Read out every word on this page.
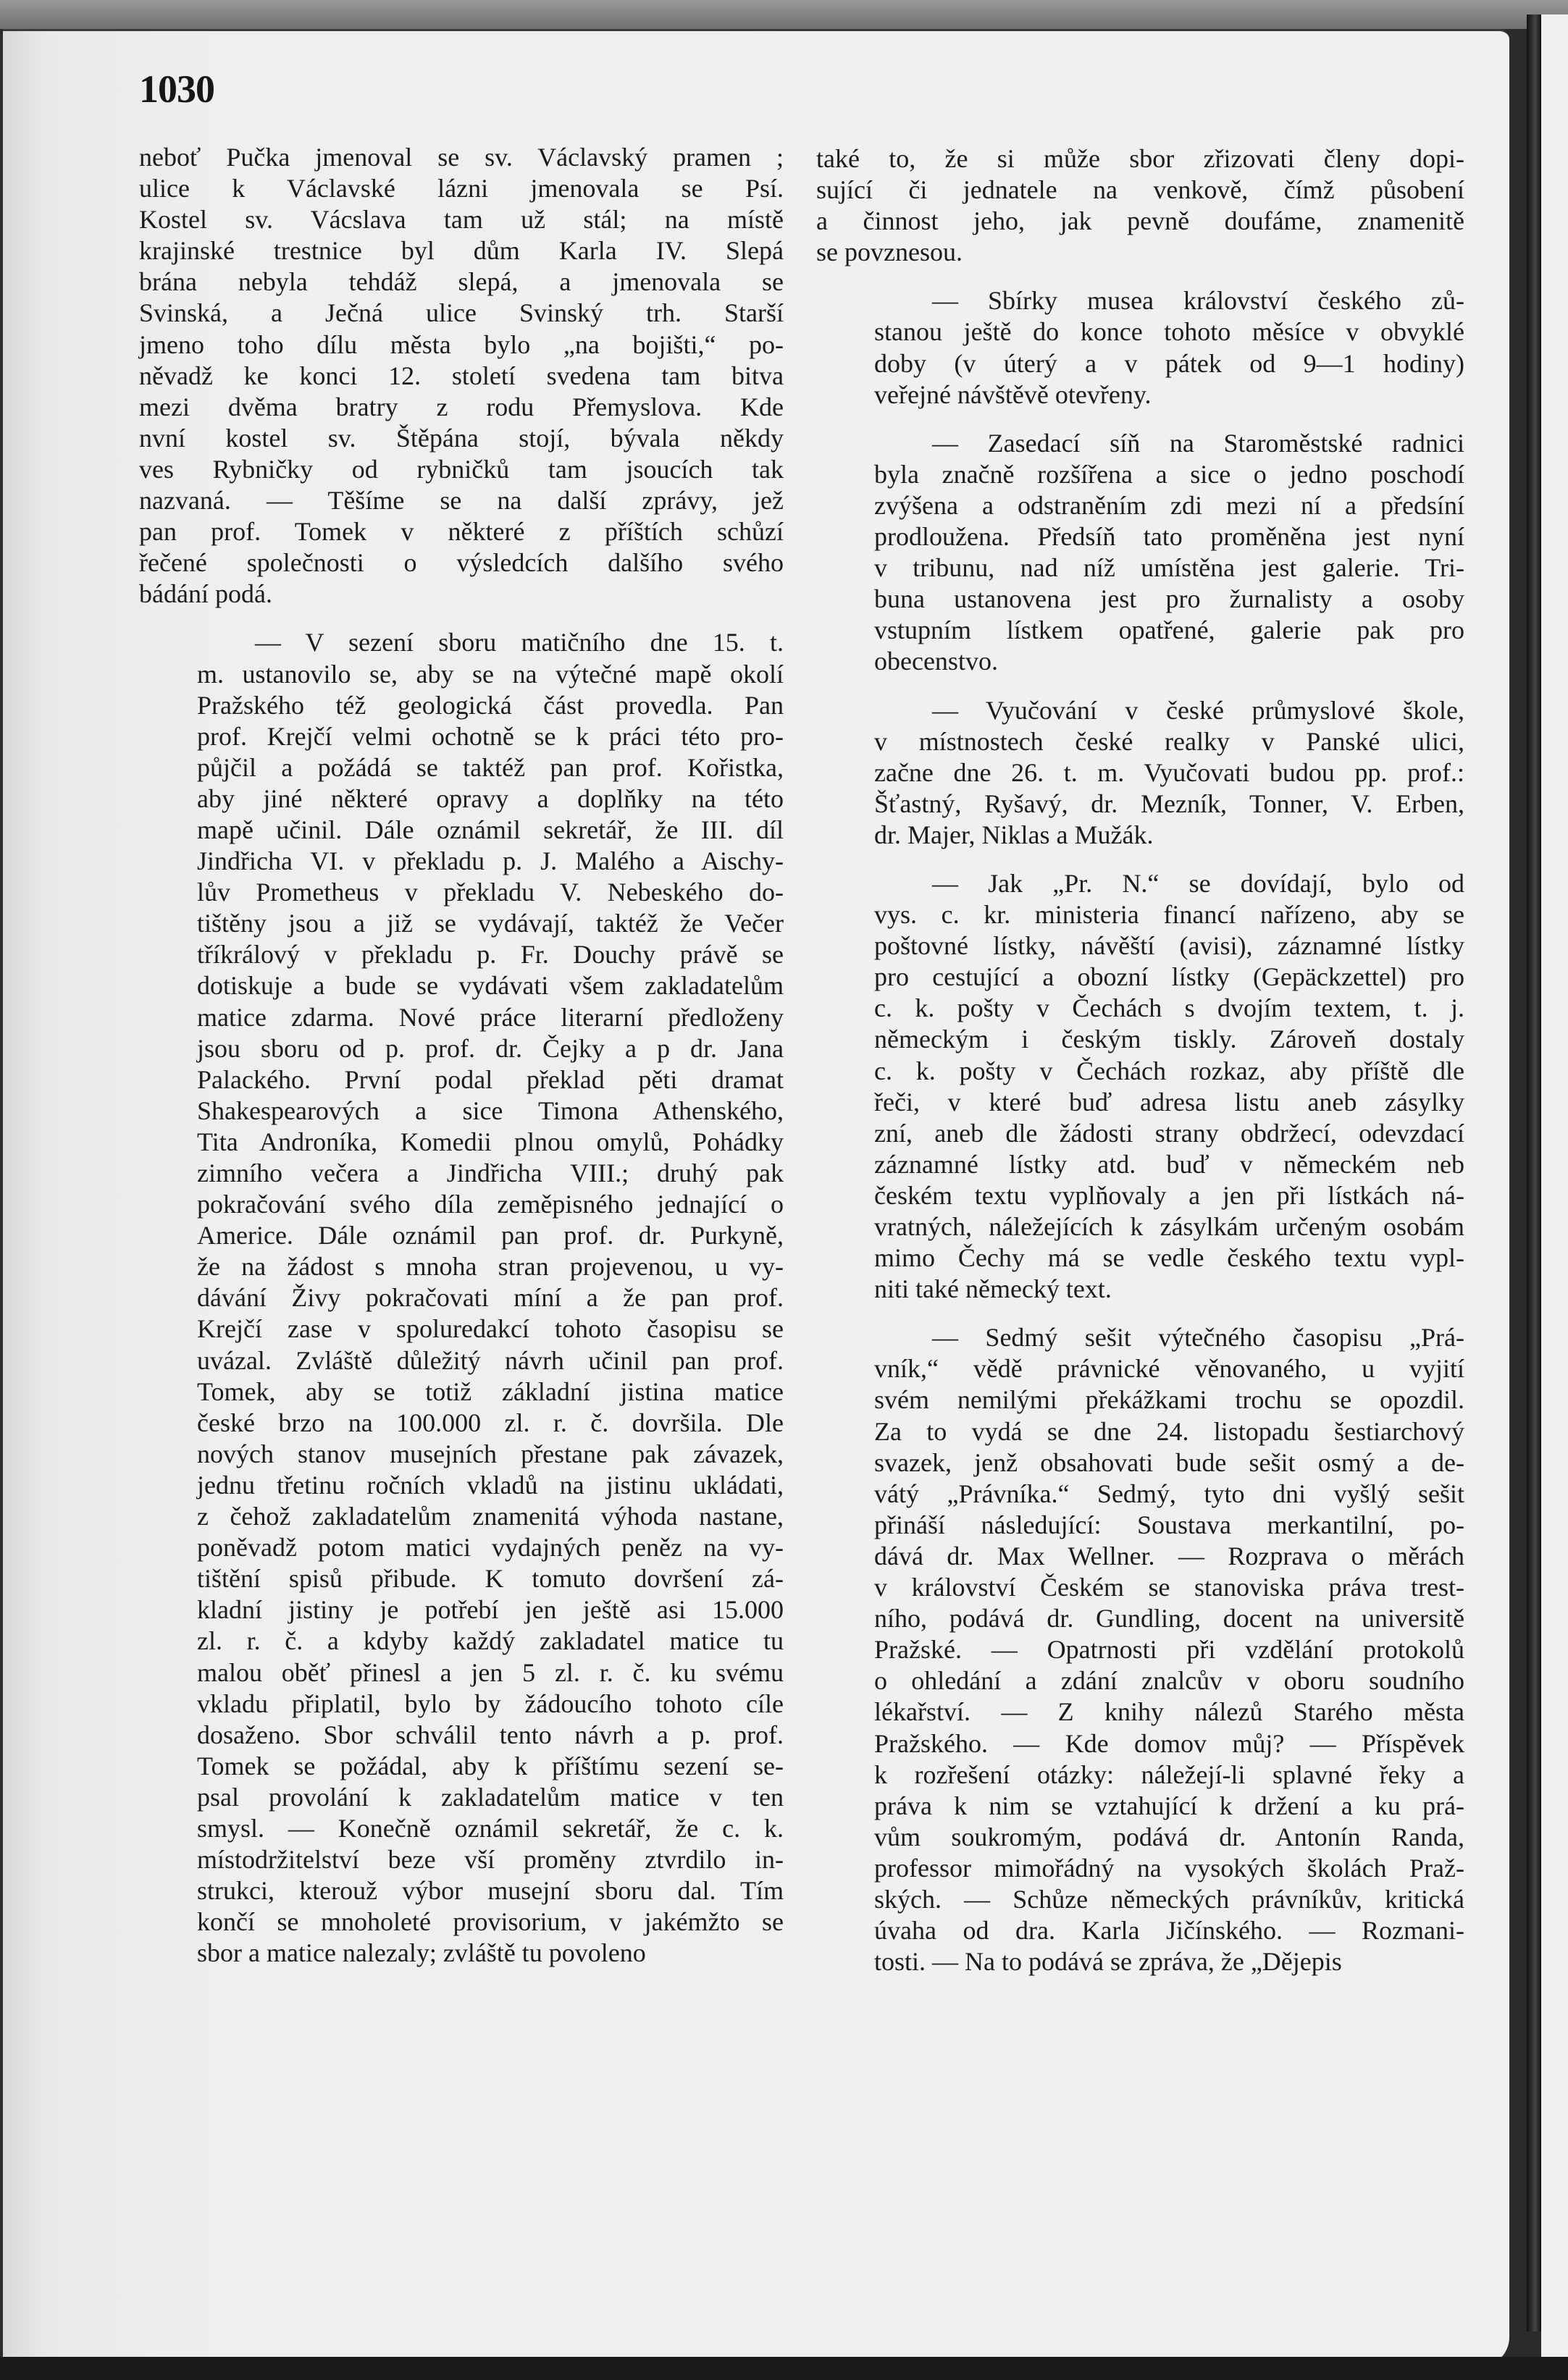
1030
neboť Pučka jmenoval se sv. Václavský pramen ;
ulice k Václavské lázni jmenovala se Psí.
Kostel sv. Vácslava tam už stál; na místě
krajinské trestnice byl dům Karla IV. Slepá
brána nebyla tehdáž slepá, a jmenovala se
Svinská, a Ječná ulice Svinský trh. Starší
jmeno toho dílu města bylo „na bojišti,“ po-
něvadž ke konci 12. století svedena tam bitva
mezi dvěma bratry z rodu Přemyslova. Kde
nvní kostel sv. Štěpána stojí, bývala někdy
ves Rybničky od rybničků tam jsoucích tak
nazvaná. — Těšíme se na další zprávy, jež
pan prof. Tomek v některé z příštích schůzí
řečené společnosti o výsledcích dalšího svého
bádání podá.
— V sezení sboru matičního dne 15. t.
m. ustanovilo se, aby se na výtečné mapě okolí
Pražského též geologická část provedla. Pan
prof. Krejčí velmi ochotně se k práci této pro-
půjčil a požádá se taktéž pan prof. Kořistka,
aby jiné některé opravy a doplňky na této
mapě učinil. Dále oznámil sekretář, že III. díl
Jindřicha VI. v překladu p. J. Malého a Aischy-
lův Prometheus v překladu V. Nebeského do-
tištěny jsou a již se vydávají, taktéž že Večer
tříkrálový v překladu p. Fr. Douchy právě se
dotiskuje a bude se vydávati všem zakladatelům
matice zdarma. Nové práce literarní předloženy
jsou sboru od p. prof. dr. Čejky a p dr. Jana
Palackého. První podal překlad pěti dramat
Shakespearových a sice Timona Athenského,
Tita Androníka, Komedii plnou omylů, Pohádky
zimního večera a Jindřicha VIII.; druhý pak
pokračování svého díla zeměpisného jednající o
Americe. Dále oznámil pan prof. dr. Purkyně,
že na žádost s mnoha stran projevenou, u vy-
dávání Živy pokračovati míní a že pan prof.
Krejčí zase v spoluredakcí tohoto časopisu se
uvázal. Zvláště důležitý návrh učinil pan prof.
Tomek, aby se totiž základní jistina matice
české brzo na 100.000 zl. r. č. dovršila. Dle
nových stanov musejních přestane pak závazek,
jednu třetinu ročních vkladů na jistinu ukládati,
z čehož zakladatelům znamenitá výhoda nastane,
poněvadž potom matici vydajných peněz na vy-
tištění spisů přibude. K tomuto dovršení zá-
kladní jistiny je potřebí jen ještě asi 15.000
zl. r. č. a kdyby každý zakladatel matice tu
malou oběť přinesl a jen 5 zl. r. č. ku svému
vkladu připlatil, bylo by žádoucího tohoto cíle
dosaženo. Sbor schválil tento návrh a p. prof.
Tomek se požádal, aby k příštímu sezení se-
psal provolání k zakladatelům matice v ten
smysl. — Konečně oznámil sekretář, že c. k.
místodržitelství beze vší proměny ztvrdilo in-
strukci, kterouž výbor musejní sboru dal. Tím
končí se mnoholeté provisorium, v jakémžto se
sbor a matice nalezaly; zvláště tu povoleno
také to, že si může sbor zřizovati členy dopi-
sující či jednatele na venkově, čímž působení
a činnost jeho, jak pevně doufáme, znamenitě
se povznesou.
— Sbírky musea království českého zů-
stanou ještě do konce tohoto měsíce v obvyklé
doby (v úterý a v pátek od 9—1 hodiny)
veřejné návštěvě otevřeny.
— Zasedací síň na Staroměstské radnici
byla značně rozšířena a sice o jedno poschodí
zvýšena a odstraněním zdi mezi ní a předsíní
prodloužena. Předsíň tato proměněna jest nyní
v tribunu, nad níž umístěna jest galerie. Tri-
buna ustanovena jest pro žurnalisty a osoby
vstupním lístkem opatřené, galerie pak pro
obecenstvo.
— Vyučování v české průmyslové škole,
v místnostech české realky v Panské ulici,
začne dne 26. t. m. Vyučovati budou pp. prof.:
Šťastný, Ryšavý, dr. Mezník, Tonner, V. Erben,
dr. Majer, Niklas a Mužák.
— Jak „Pr. N.“ se dovídají, bylo od
vys. c. kr. ministeria financí nařízeno, aby se
poštovné lístky, návěští (avisi), záznamné lístky
pro cestující a obozní lístky (Gepäckzettel) pro
c. k. pošty v Čechách s dvojím textem, t. j.
německým i českým tiskly. Zároveň dostaly
c. k. pošty v Čechách rozkaz, aby příště dle
řeči, v které buď adresa listu aneb zásylky
zní, aneb dle žádosti strany obdržecí, odevzdací
záznamné lístky atd. buď v německém neb
českém textu vyplňovaly a jen při lístkách ná-
vratných, náležejících k zásylkám určeným osobám
mimo Čechy má se vedle českého textu vypl-
niti také německý text.
— Sedmý sešit výtečného časopisu „Prá-
vník,“ vědě právnické věnovaného, u vyjití
svém nemilými překážkami trochu se opozdil.
Za to vydá se dne 24. listopadu šestiarchový
svazek, jenž obsahovati bude sešit osmý a de-
vátý „Právníka.“ Sedmý, tyto dni vyšlý sešit
přináší následující: Soustava merkantilní, po-
dává dr. Max Wellner. — Rozprava o měrách
v království Českém se stanoviska práva trest-
ního, podává dr. Gundling, docent na universitě
Pražské. — Opatrnosti při vzdělání protokolů
o ohledání a zdání znalcův v oboru soudního
lékařství. — Z knihy nálezů Starého města
Pražského. — Kde domov můj? — Příspěvek
k rozřešení otázky: náležejí-li splavné řeky a
práva k nim se vztahující k držení a ku prá-
vům soukromým, podává dr. Antonín Randa,
professor mimořádný na vysokých školách Praž-
ských. — Schůze německých právníkův, kritická
úvaha od dra. Karla Jičínského. — Rozmani-
tosti. — Na to podává se zpráva, že „Dějepis
